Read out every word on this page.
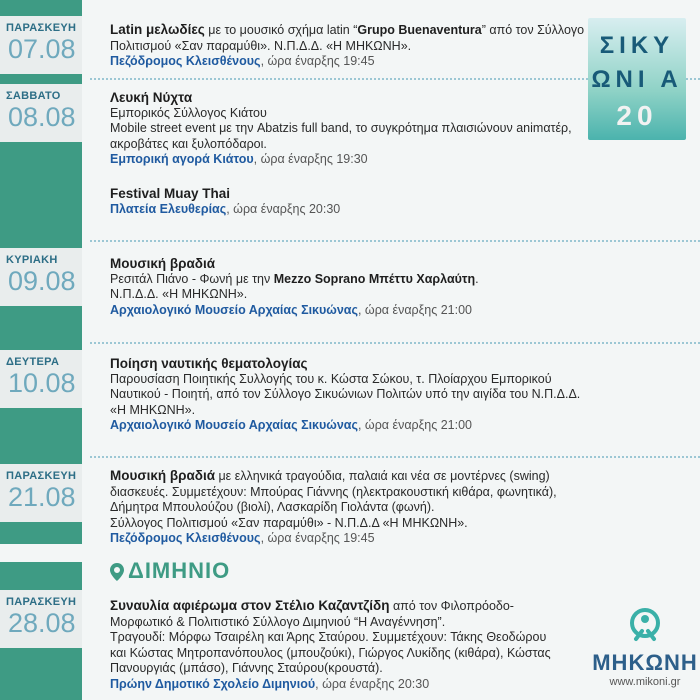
ΠΑΡΑΣΚΕΥΗ
07.08
ΣΑΒΒΑΤΟ
08.08
ΚΥΡΙΑΚΗ
09.08
ΔΕΥΤΕΡΑ
10.08
ΠΑΡΑΣΚΕΥΗ
21.08
ΠΑΡΑΣΚΕΥΗ
28.08
Latin μελωδίες με το μουσικό σχήμα latin “Grupo Buenaventura” από τον Σύλλογο Πολιτισμού «Σαν παραμύθι». Ν.Π.Δ.Δ. «Η ΜΗΚΩΝΗ».
Πεζόδρομος Κλεισθένους, ώρα έναρξης 19:45
Λευκή Νύχτα
Εμπορικός Σύλλογος Κιάτου
Mobile street event με την Abatzis full band, το συγκρότημα πλαισιώνουν animατέρ, ακροβάτες και ξυλοπόδαροι.
Εμπορική αγορά Κιάτου, ώρα έναρξης 19:30
Festival Muay Thai
Πλατεία Ελευθερίας, ώρα έναρξης 20:30
Μουσική βραδιά
Ρεσιτάλ Πιάνο - Φωνή με την Mezzo Soprano Μπέττυ Χαρλαύτη.
Ν.Π.Δ.Δ. «Η ΜΗΚΩΝΗ».
Αρχαιολογικό Μουσείο Αρχαίας Σικυώνας, ώρα έναρξης 21:00
Ποίηση ναυτικής θεματολογίας
Παρουσίαση Ποιητικής Συλλογής του κ. Κώστα Σώκου, τ. Πλοίαρχου Εμπορικού Ναυτικού - Ποιητή, από τον Σύλλογο Σικυώνιων Πολιτών υπό την αιγίδα του Ν.Π.Δ.Δ. «Η ΜΗΚΩΝΗ».
Αρχαιολογικό Μουσείο Αρχαίας Σικυώνας, ώρα έναρξης 21:00
Μουσική βραδιά με ελληνικά τραγούδια, παλαιά και νέα σε μοντέρνες (swing) διασκευές. Συμμετέχουν: Μπούρας Γιάννης (ηλεκτρακουστική κιθάρα, φωνητικά), Δήμητρα Μπουλούζου (βιολί), Λασκαρίδη Γιολάντα (φωνή).
Σύλλογος Πολιτισμού «Σαν παραμύθι» - Ν.Π.Δ.Δ «Η ΜΗΚΩΝΗ».
Πεζόδρομος Κλεισθένους, ώρα έναρξης 19:45
ΔΙΜΗΝΙΟ
Συναυλία αφιέρωμα στον Στέλιο Καζαντζίδη από τον Φιλοπρόοδο-Μορφωτικό & Πολιτιστικό Σύλλογο Διμηνιού “Η Αναγέννηση”.
Τραγουδί: Μόρφω Τσαιρέλη και Άρης Σταύρου. Συμμετέχουν: Τάκης Θεοδώρου και Κώστας Μητροπανόπουλος (μπουζούκι), Γιώργος Λυκίδης (κιθάρα), Κώστας Πανουργιάς (μπάσο), Γιάννης Σταύρου(κρουστά).
Πρώην Δημοτικό Σχολείο Διμηνιού, ώρα έναρξης 20:30
ΣΙΚΥ
ΩΝΙ Α
20
ΜΗΚΩΝΗ
www.mikoni.gr
